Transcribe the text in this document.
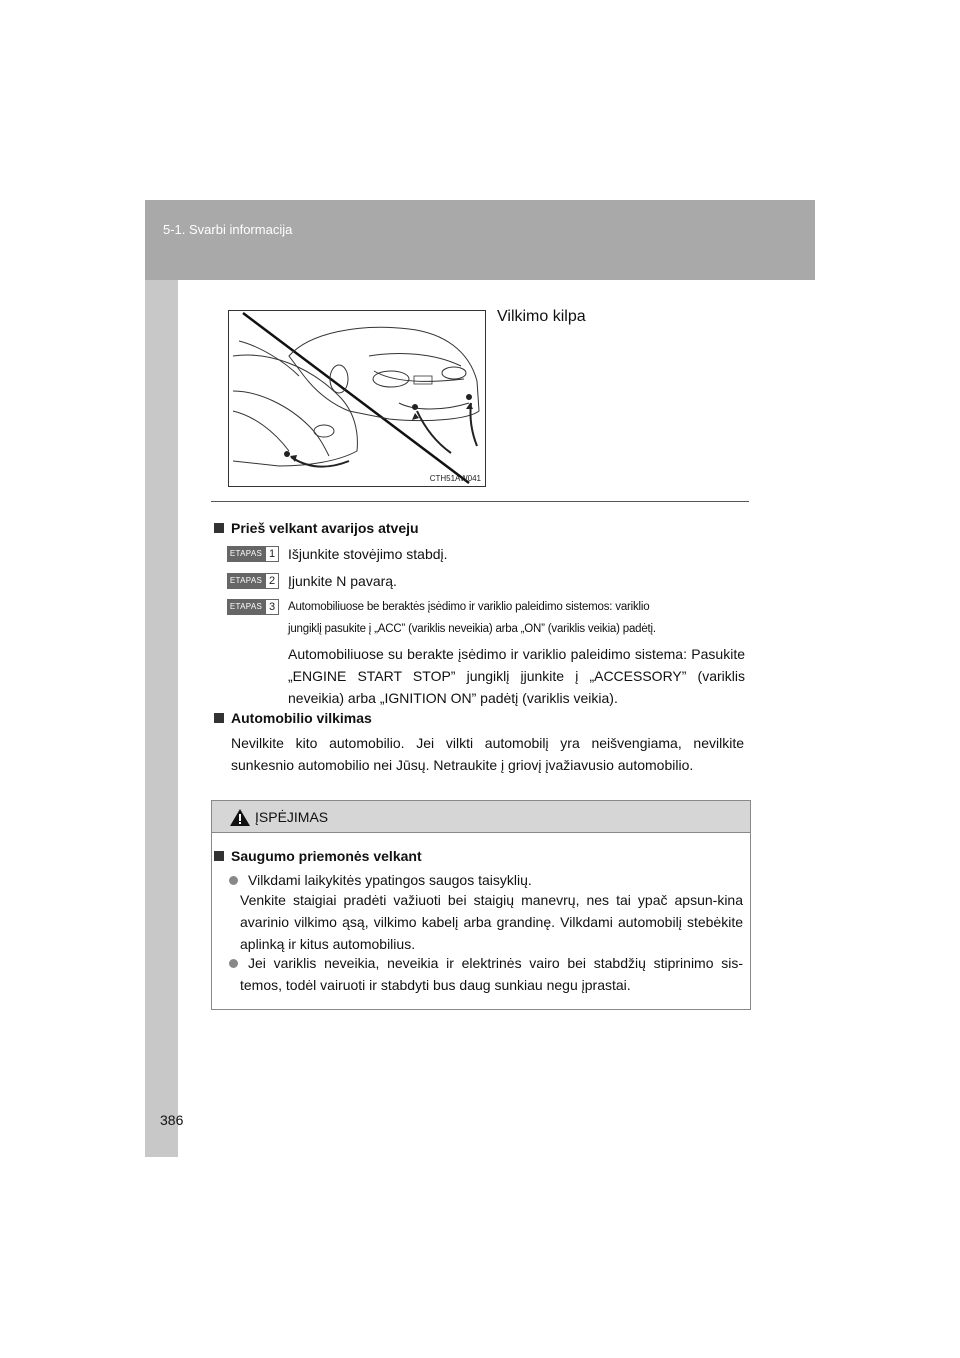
5-1. Svarbi informacija
386
CTH51AW041
Vilkimo kilpa
Prieš velkant avarijos atveju
ETAPAS 1 Išjunkite stovėjimo stabdį.
ETAPAS 2 Įjunkite N pavarą.
ETAPAS 3	Automobiliuose be beraktės įsėdimo ir variklio paleidimo sistemos: variklio
jungiklį pasukite į „ACC” (variklis neveikia) arba „ON” (variklis veikia) padėtį.
Automobiliuose su berakte įsėdimo ir variklio paleidimo sistema: Pasukite „ENGINE START STOP” jungiklį įjunkite į „ACCESSORY” (variklis neveikia) arba „IGNITION ON” padėtį (variklis veikia).
Automobilio vilkimas
Nevilkite kito automobilio. Jei vilkti automobilį yra neišvengiama, nevilkite sunkesnio automobilio nei Jūsų. Netraukite į griovį įvažiavusio automobilio.
ĮSPĖJIMAS
Saugumo priemonės velkant
Vilkdami laikykitės ypatingos saugos taisyklių.
Venkite staigiai pradėti važiuoti bei staigių manevrų, nes tai ypač apsun-kina avarinio vilkimo ąsą, vilkimo kabelį arba grandinę. Vilkdami automobilį stebėkite aplinką ir kitus automobilius.
Jei variklis neveikia, neveikia ir elektrinės vairo bei stabdžių stiprinimo sis-temos, todėl vairuoti ir stabdyti bus daug sunkiau negu įprastai.
